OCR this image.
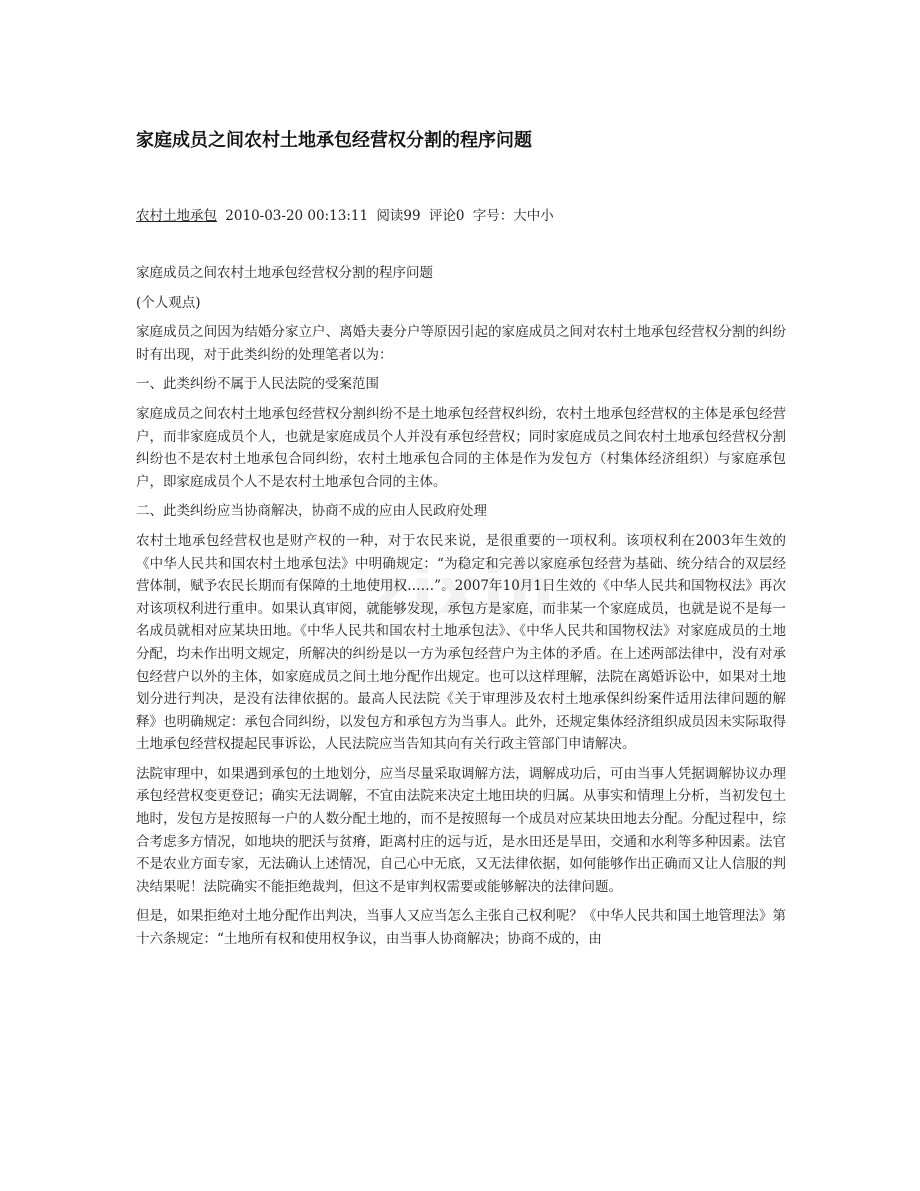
zixin
家庭成员之间农村土地承包经营权分割的程序问题
农村土地承包 2010-03-20 00:13:11 阅读99 评论0 字号：大中小

家庭成员之间农村土地承包经营权分割的程序问题

(个人观点)

家庭成员之间因为结婚分家立户、离婚夫妻分户等原因引起的家庭成员之间对农村土地承包经营权分割的纠纷时有出现，对于此类纠纷的处理笔者以为：

一、此类纠纷不属于人民法院的受案范围

家庭成员之间农村土地承包经营权分割纠纷不是土地承包经营权纠纷，农村土地承包经营权的主体是承包经营户，而非家庭成员个人，也就是家庭成员个人并没有承包经营权；同时家庭成员之间农村土地承包经营权分割纠纷也不是农村土地承包合同纠纷，农村土地承包合同的主体是作为发包方（村集体经济组织）与家庭承包户，即家庭成员个人不是农村土地承包合同的主体。

二、此类纠纷应当协商解决，协商不成的应由人民政府处理

农村土地承包经营权也是财产权的一种，对于农民来说，是很重要的一项权利。该项权利在2003年生效的《中华人民共和国农村土地承包法》中明确规定：“为稳定和完善以家庭承包经营为基础、统分结合的双层经营体制，赋予农民长期而有保障的土地使用权……”。2007年10月1日生效的《中华人民共和国物权法》再次对该项权利进行重申。如果认真审阅，就能够发现，承包方是家庭，而非某一个家庭成员，也就是说不是每一名成员就相对应某块田地。《中华人民共和国农村土地承包法》、《中华人民共和国物权法》对家庭成员的土地分配，均未作出明文规定，所解决的纠纷是以一方为承包经营户为主体的矛盾。在上述两部法律中，没有对承包经营户以外的主体，如家庭成员之间土地分配作出规定。也可以这样理解，法院在离婚诉讼中，如果对土地划分进行判决，是没有法律依据的。最高人民法院《关于审理涉及农村土地承保纠纷案件适用法律问题的解释》也明确规定：承包合同纠纷，以发包方和承包方为当事人。此外，还规定集体经济组织成员因未实际取得土地承包经营权提起民事诉讼，人民法院应当告知其向有关行政主管部门申请解决。

法院审理中，如果遇到承包的土地划分，应当尽量采取调解方法，调解成功后，可由当事人凭据调解协议办理承包经营权变更登记；确实无法调解，不宜由法院来决定土地田块的归属。从事实和情理上分析，当初发包土地时，发包方是按照每一户的人数分配土地的，而不是按照每一个成员对应某块田地去分配。分配过程中，综合考虑多方情况，如地块的肥沃与贫瘠，距离村庄的远与近，是水田还是旱田，交通和水利等多种因素。法官不是农业方面专家，无法确认上述情况，自己心中无底，又无法律依据，如何能够作出正确而又让人信服的判决结果呢！法院确实不能拒绝裁判，但这不是审判权需要或能够解决的法律问题。

但是，如果拒绝对土地分配作出判决，当事人又应当怎么主张自己权利呢？《中华人民共和国土地管理法》第十六条规定：“土地所有权和使用权争议，由当事人协商解决；协商不成的，由
